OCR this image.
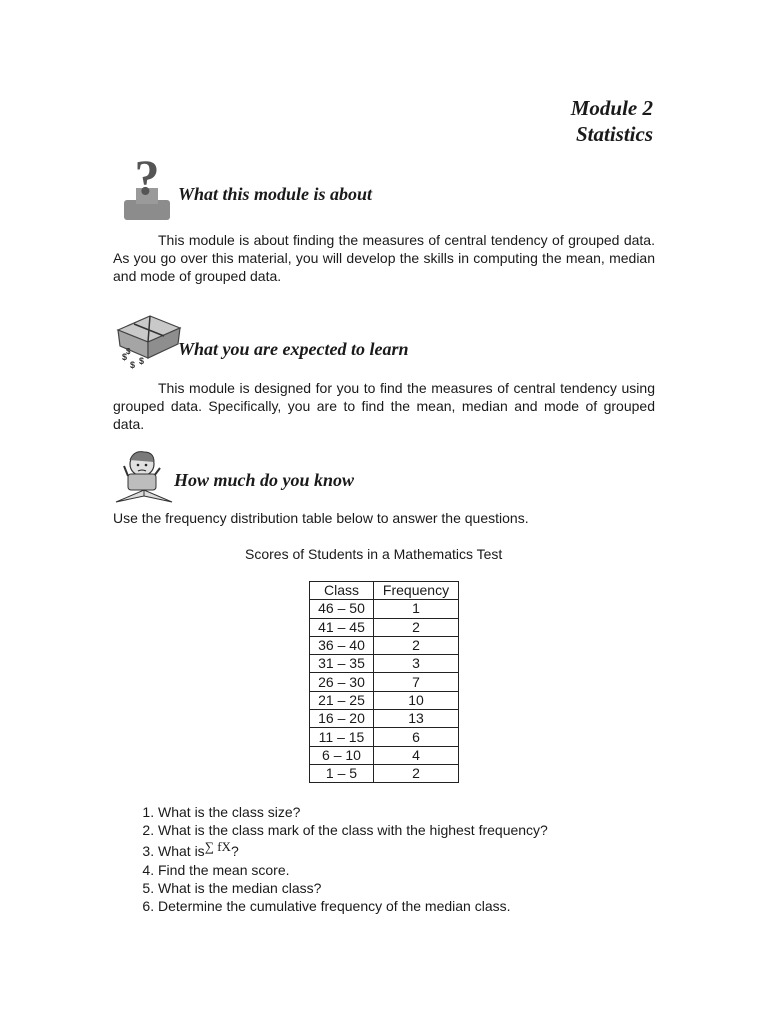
Module 2
Statistics
? What this module is about

This module is about finding the measures of central tendency of grouped data. As you go over this material, you will develop the skills in computing the mean, median and mode of grouped data.

$
$ $
$	What you are expected to learn

This module is designed for you to find the measures of central tendency using grouped data. Specifically, you are to find the mean, median and mode of grouped data.

How much do you know

Use the frequency distribution table below to answer the questions.

Scores of Students in a Mathematics Test

Class	Frequency
46 – 50	1
41 – 45	2
36 – 40	2
31 – 35	3
26 – 30	7
21 – 25	10
16 – 20	13
11 – 15	6
6 – 10	4
1 – 5	2
1. What is the class size?
2. What is the class mark of the class with the highest frequency?
3. What is∑ fX?
4. Find the mean score.
5. What is the median class?
6. Determine the cumulative frequency of the median class.
